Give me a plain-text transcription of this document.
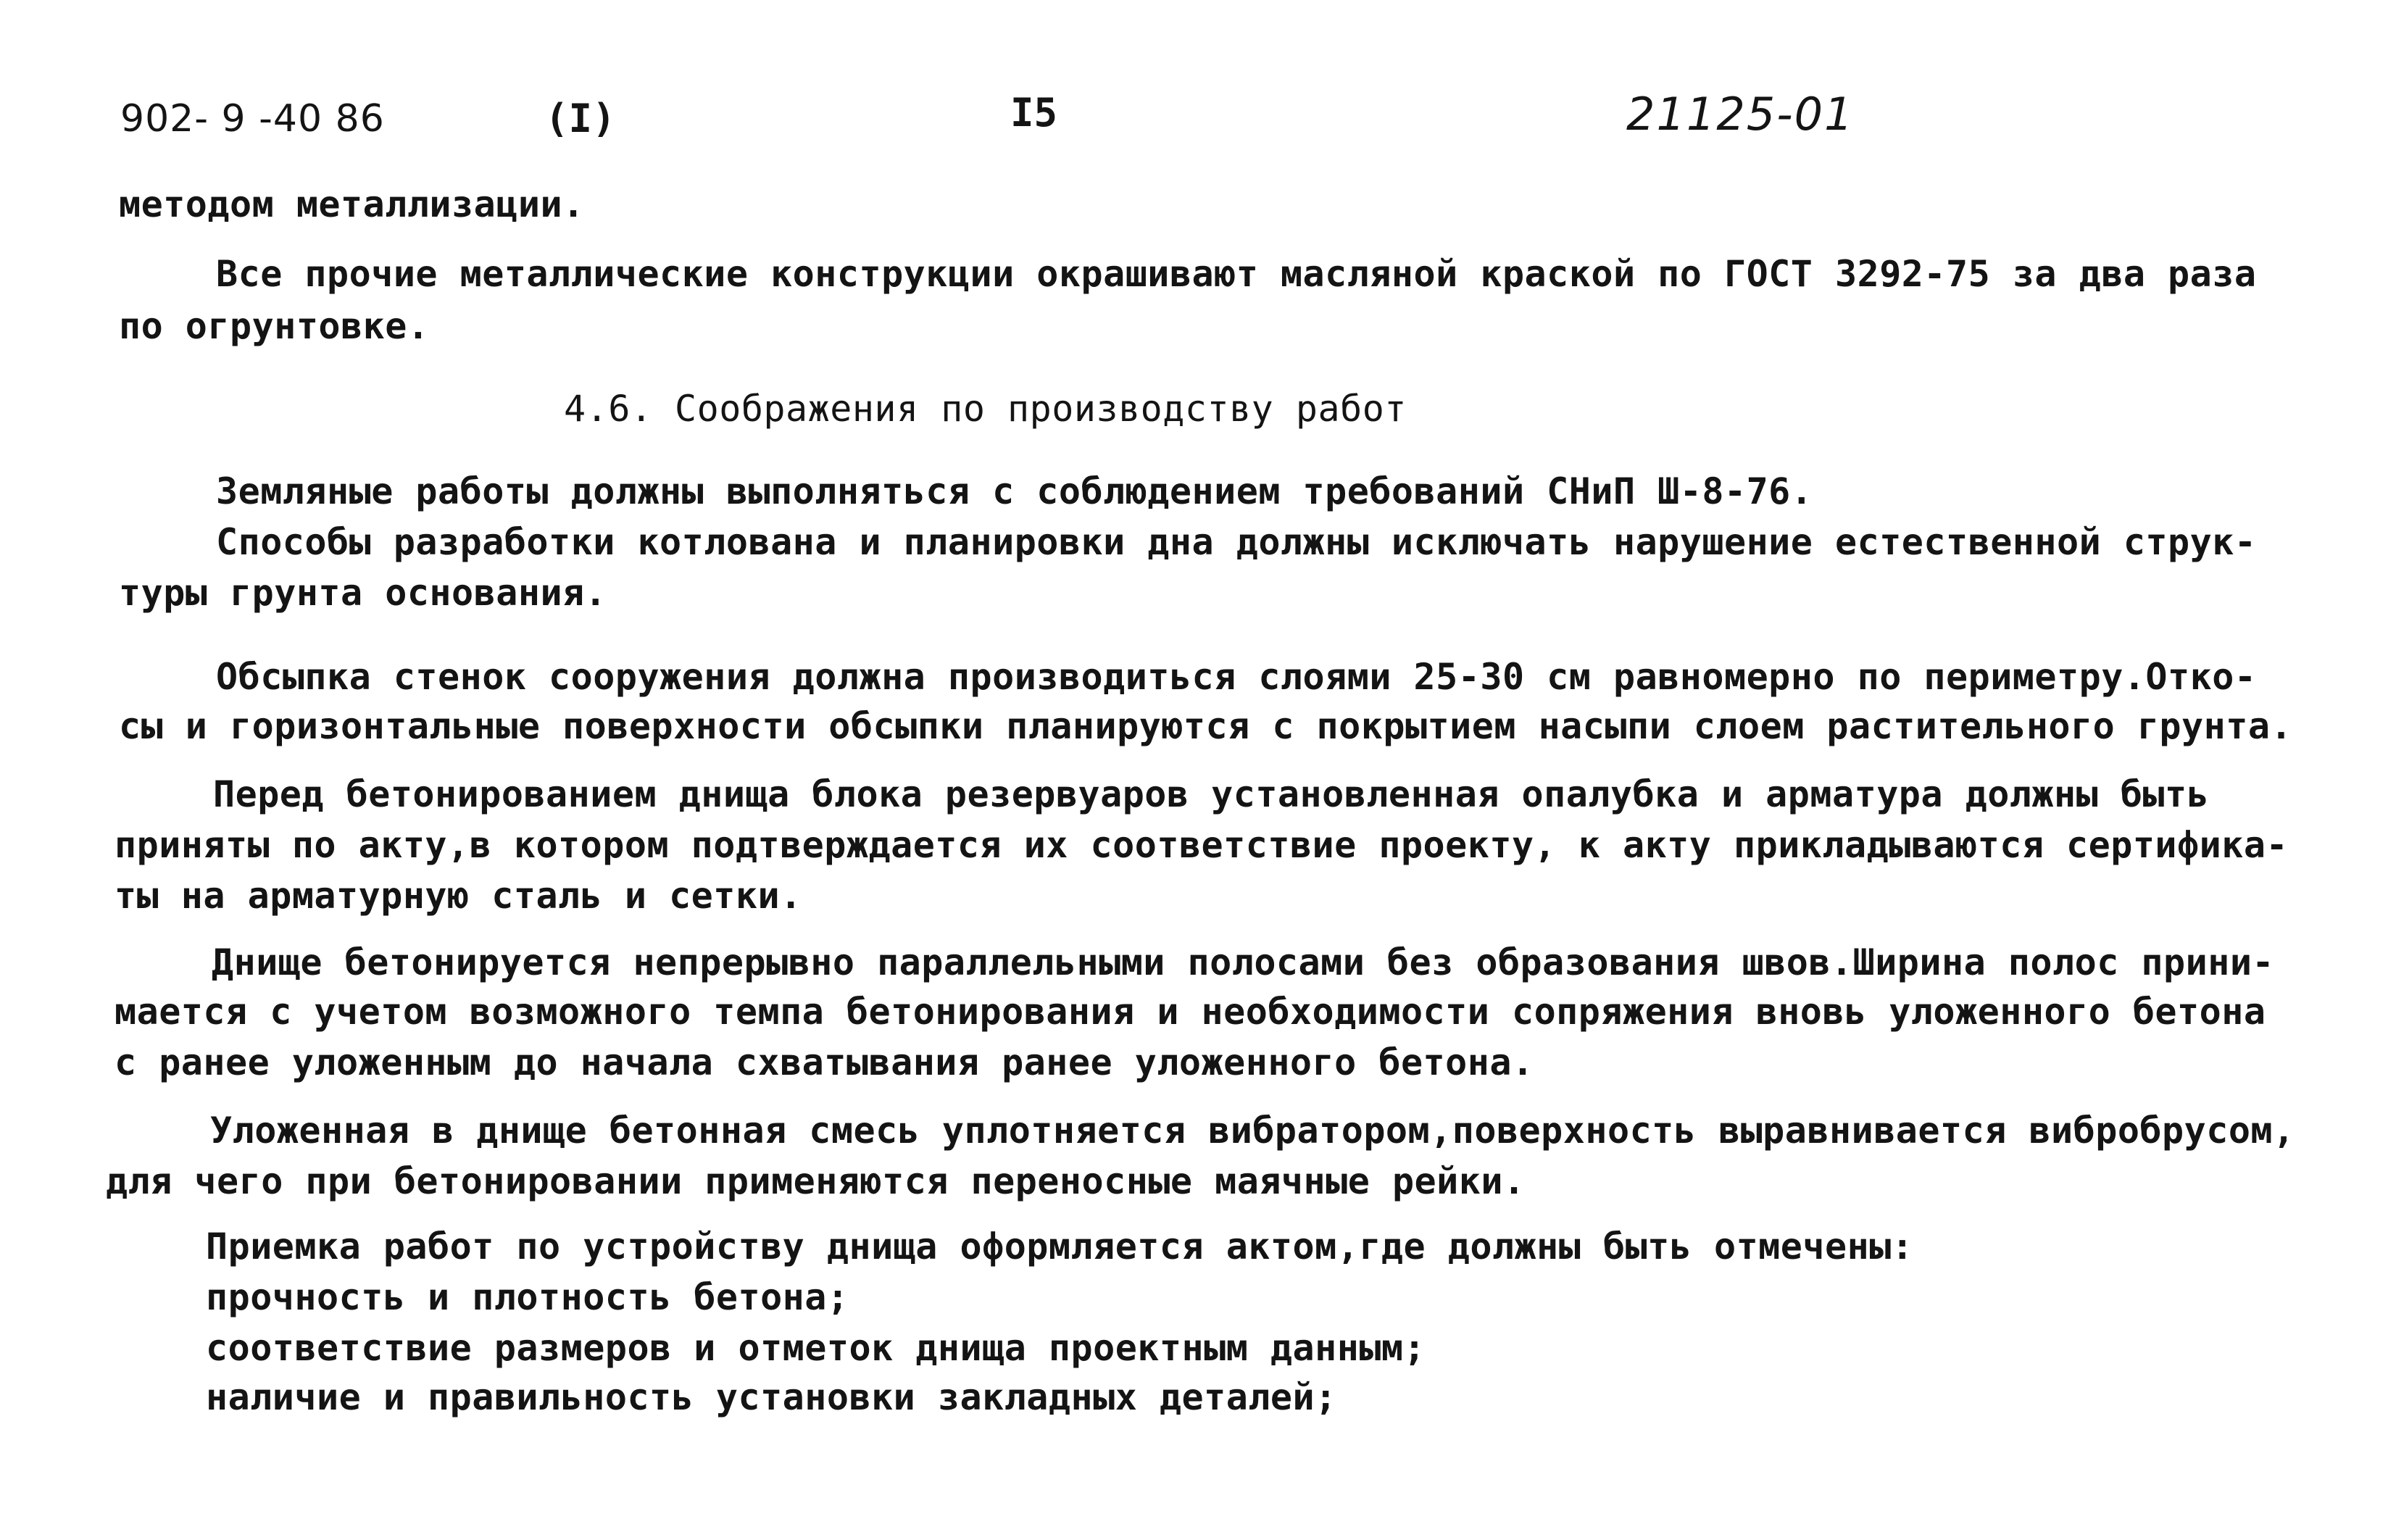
902- 9 -40 86	(I)	I5	21125-01
методом металлизации.
Все прочие металлические конструкции окрашивают масляной краской по ГОСТ 3292-75 за два раза
по огрунтовке.
4.6. Соображения по производству работ
Земляные работы должны выполняться с соблюдением требований СНиП Ш-8-76.
Способы разработки котлована и планировки дна должны исключать нарушение естественной струк-
туры грунта основания.
Обсыпка стенок сооружения должна производиться слоями 25-30 см равномерно по периметру.Отко-
сы и горизонтальные поверхности обсыпки планируются с покрытием насыпи слоем растительного грунта.
Перед бетонированием днища блока резервуаров установленная опалубка и арматура должны быть
приняты по акту,в котором подтверждается их соответствие проекту, к акту прикладываются сертифика-
ты на арматурную сталь и сетки.
Днище бетонируется непрерывно параллельными полосами без образования швов.Ширина полос прини-
мается с учетом возможного темпа бетонирования и необходимости сопряжения вновь уложенного бетона
с ранее уложенным до начала схватывания ранее уложенного бетона.
Уложенная в днище бетонная смесь уплотняется вибратором,поверхность выравнивается вибробрусом,
для чего при бетонировании применяются переносные маячные рейки.
Приемка работ по устройству днища оформляется актом,где должны быть отмечены:
прочность и плотность бетона;
соответствие размеров и отметок днища проектным данным;
наличие и правильность установки закладных деталей;
